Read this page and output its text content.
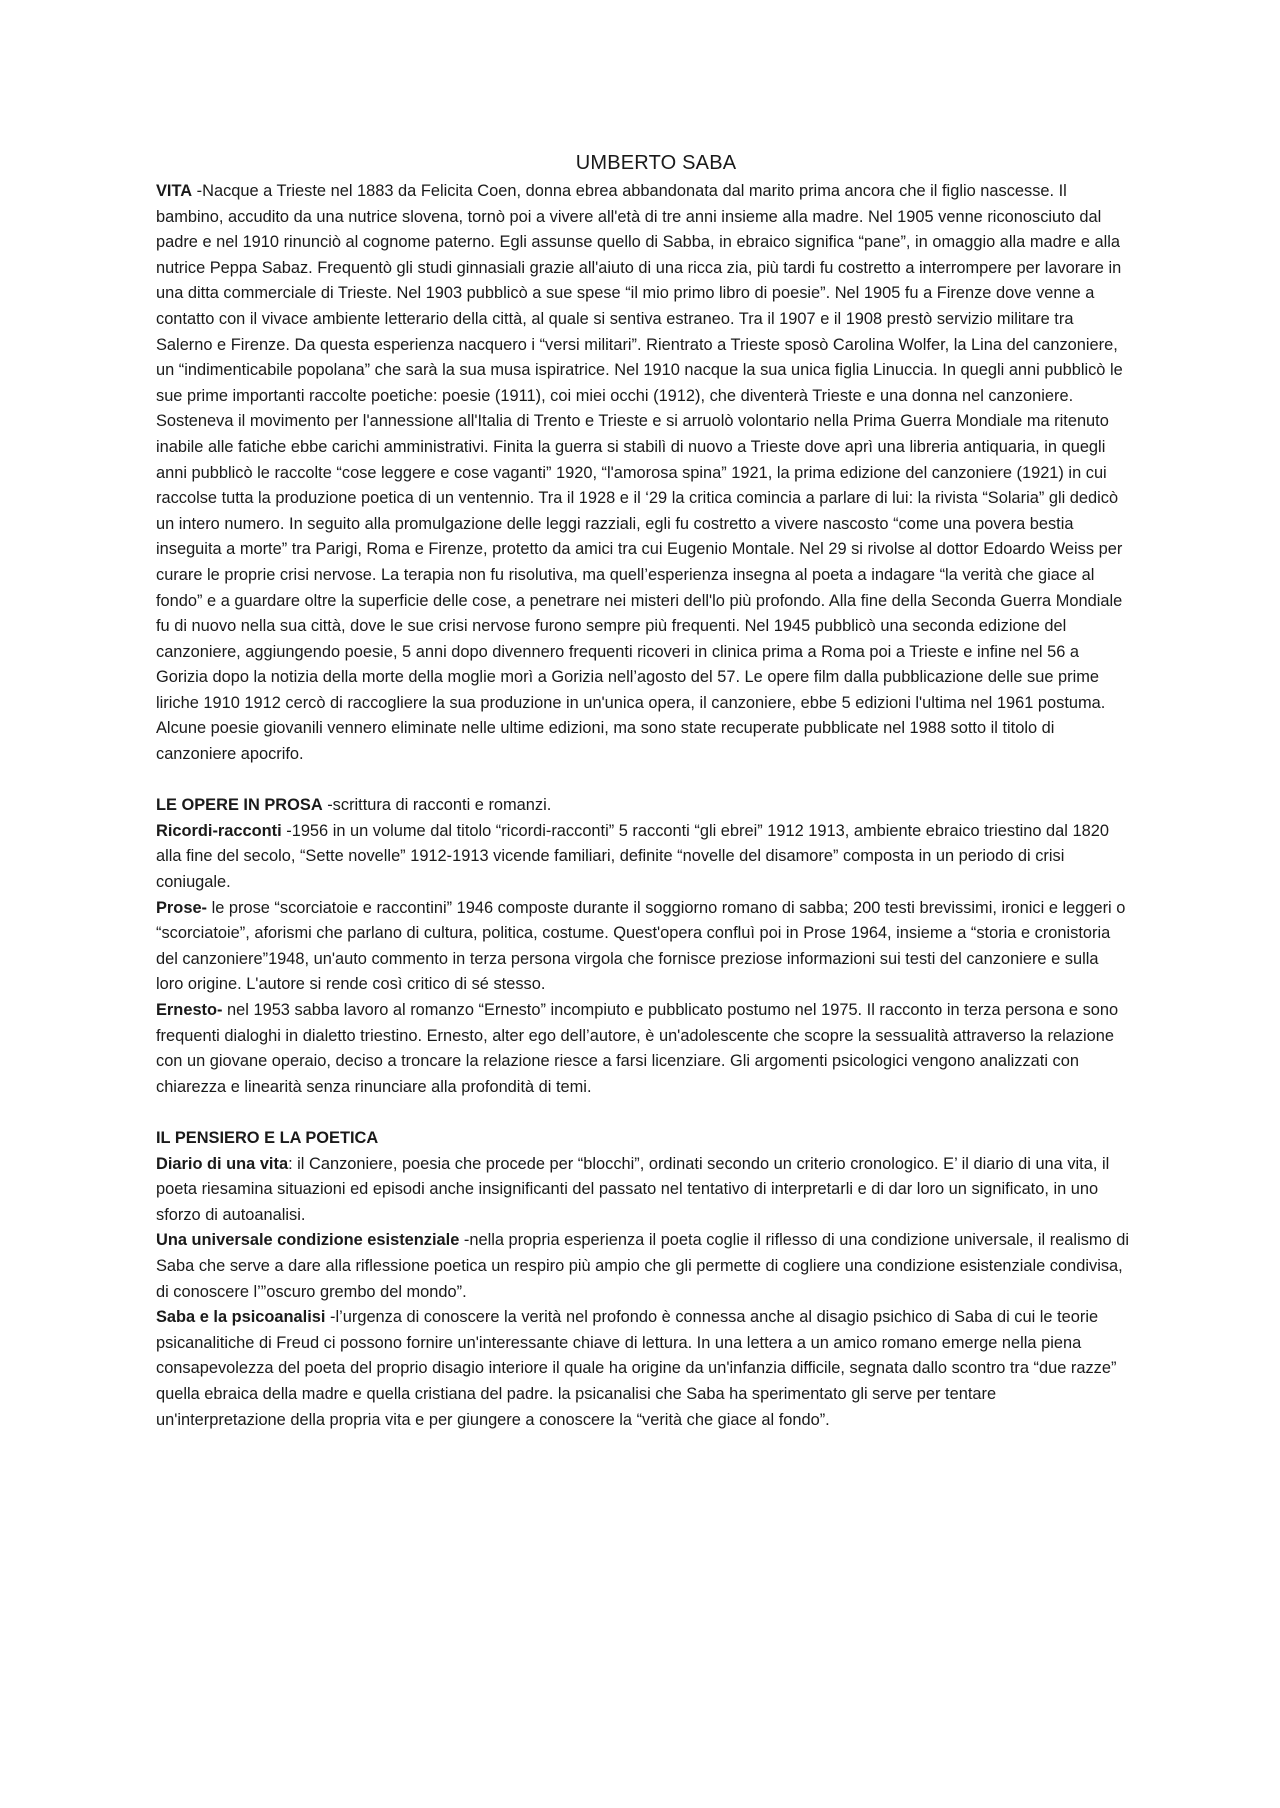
UMBERTO SABA

VITA -Nacque a Trieste nel 1883 da Felicita Coen, donna ebrea abbandonata dal marito prima ancora che il figlio nascesse. Il bambino, accudito da una nutrice slovena, tornò poi a vivere all'età di tre anni insieme alla madre. Nel 1905 venne riconosciuto dal padre e nel 1910 rinunciò al cognome paterno. Egli assunse quello di Sabba, in ebraico significa “pane”, in omaggio alla madre e alla nutrice Peppa Sabaz. Frequentò gli studi ginnasiali grazie all'aiuto di una ricca zia, più tardi fu costretto a interrompere per lavorare in una ditta commerciale di Trieste. Nel 1903 pubblicò a sue spese “il mio primo libro di poesie”. Nel 1905 fu a Firenze dove venne a contatto con il vivace ambiente letterario della città, al quale si sentiva estraneo. Tra il 1907 e il 1908 prestò servizio militare tra Salerno e Firenze. Da questa esperienza nacquero i “versi militari”. Rientrato a Trieste sposò Carolina Wolfer, la Lina del canzoniere, un “indimenticabile popolana” che sarà la sua musa ispiratrice. Nel 1910 nacque la sua unica figlia Linuccia. In quegli anni pubblicò le sue prime importanti raccolte poetiche: poesie (1911), coi miei occhi (1912), che diventerà Trieste e una donna nel canzoniere. Sosteneva il movimento per l'annessione all'Italia di Trento e Trieste e si arruolò volontario nella Prima Guerra Mondiale ma ritenuto inabile alle fatiche ebbe carichi amministrativi. Finita la guerra si stabilì di nuovo a Trieste dove aprì una libreria antiquaria, in quegli anni pubblicò le raccolte “cose leggere e cose vaganti” 1920, “l'amorosa spina” 1921, la prima edizione del canzoniere (1921) in cui raccolse tutta la produzione poetica di un ventennio. Tra il 1928 e il ‘29 la critica comincia a parlare di lui: la rivista “Solaria” gli dedicò un intero numero. In seguito alla promulgazione delle leggi razziali, egli fu costretto a vivere nascosto “come una povera bestia inseguita a morte” tra Parigi, Roma e Firenze, protetto da amici tra cui Eugenio Montale. Nel 29 si rivolse al dottor Edoardo Weiss per curare le proprie crisi nervose. La terapia non fu risolutiva, ma quell’esperienza insegna al poeta a indagare “la verità che giace al fondo” e a guardare oltre la superficie delle cose, a penetrare nei misteri dell'lo più profondo. Alla fine della Seconda Guerra Mondiale fu di nuovo nella sua città, dove le sue crisi nervose furono sempre più frequenti. Nel 1945 pubblicò una seconda edizione del canzoniere, aggiungendo poesie, 5 anni dopo divennero frequenti ricoveri in clinica prima a Roma poi a Trieste e infine nel 56 a Gorizia dopo la notizia della morte della moglie morì a Gorizia nell’agosto del 57. Le opere film dalla pubblicazione delle sue prime liriche 1910 1912 cercò di raccogliere la sua produzione in un'unica opera, il canzoniere, ebbe 5 edizioni l'ultima nel 1961 postuma. Alcune poesie giovanili vennero eliminate nelle ultime edizioni, ma sono state recuperate pubblicate nel 1988 sotto il titolo di canzoniere apocrifo.

LE OPERE IN PROSA -scrittura di racconti e romanzi.

Ricordi-racconti -1956 in un volume dal titolo “ricordi-racconti” 5 racconti “gli ebrei” 1912 1913, ambiente ebraico triestino dal 1820 alla fine del secolo, “Sette novelle” 1912-1913 vicende familiari, definite “novelle del disamore” composta in un periodo di crisi coniugale.

Prose- le prose “scorciatoie e raccontini” 1946 composte durante il soggiorno romano di sabba; 200 testi brevissimi, ironici e leggeri o “scorciatoie”, aforismi che parlano di cultura, politica, costume. Quest'opera confluì poi in Prose 1964, insieme a “storia e cronistoria del canzoniere”1948, un'auto commento in terza persona virgola che fornisce preziose informazioni sui testi del canzoniere e sulla loro origine. L'autore si rende così critico di sé stesso.

Ernesto- nel 1953 sabba lavoro al romanzo “Ernesto” incompiuto e pubblicato postumo nel 1975. Il racconto in terza persona e sono frequenti dialoghi in dialetto triestino. Ernesto, alter ego dell’autore, è un'adolescente che scopre la sessualità attraverso la relazione con un giovane operaio, deciso a troncare la relazione riesce a farsi licenziare. Gli argomenti psicologici vengono analizzati con chiarezza e linearità senza rinunciare alla profondità di temi.

IL PENSIERO E LA POETICA

Diario di una vita: il Canzoniere, poesia che procede per “blocchi”, ordinati secondo un criterio cronologico. E’ il diario di una vita, il poeta riesamina situazioni ed episodi anche insignificanti del passato nel tentativo di interpretarli e di dar loro un significato, in uno sforzo di autoanalisi.

Una universale condizione esistenziale -nella propria esperienza il poeta coglie il riflesso di una condizione universale, il realismo di Saba che serve a dare alla riflessione poetica un respiro più ampio che gli permette di cogliere una condizione esistenziale condivisa, di conoscere l’”oscuro grembo del mondo”.

Saba e la psicoanalisi -l’urgenza di conoscere la verità nel profondo è connessa anche al disagio psichico di Saba di cui le teorie psicanalitiche di Freud ci possono fornire un'interessante chiave di lettura. In una lettera a un amico romano emerge nella piena consapevolezza del poeta del proprio disagio interiore il quale ha origine da un'infanzia difficile, segnata dallo scontro tra “due razze” quella ebraica della madre e quella cristiana del padre. la psicanalisi che Saba ha sperimentato gli serve per tentare un'interpretazione della propria vita e per giungere a conoscere la “verità che giace al fondo”.
